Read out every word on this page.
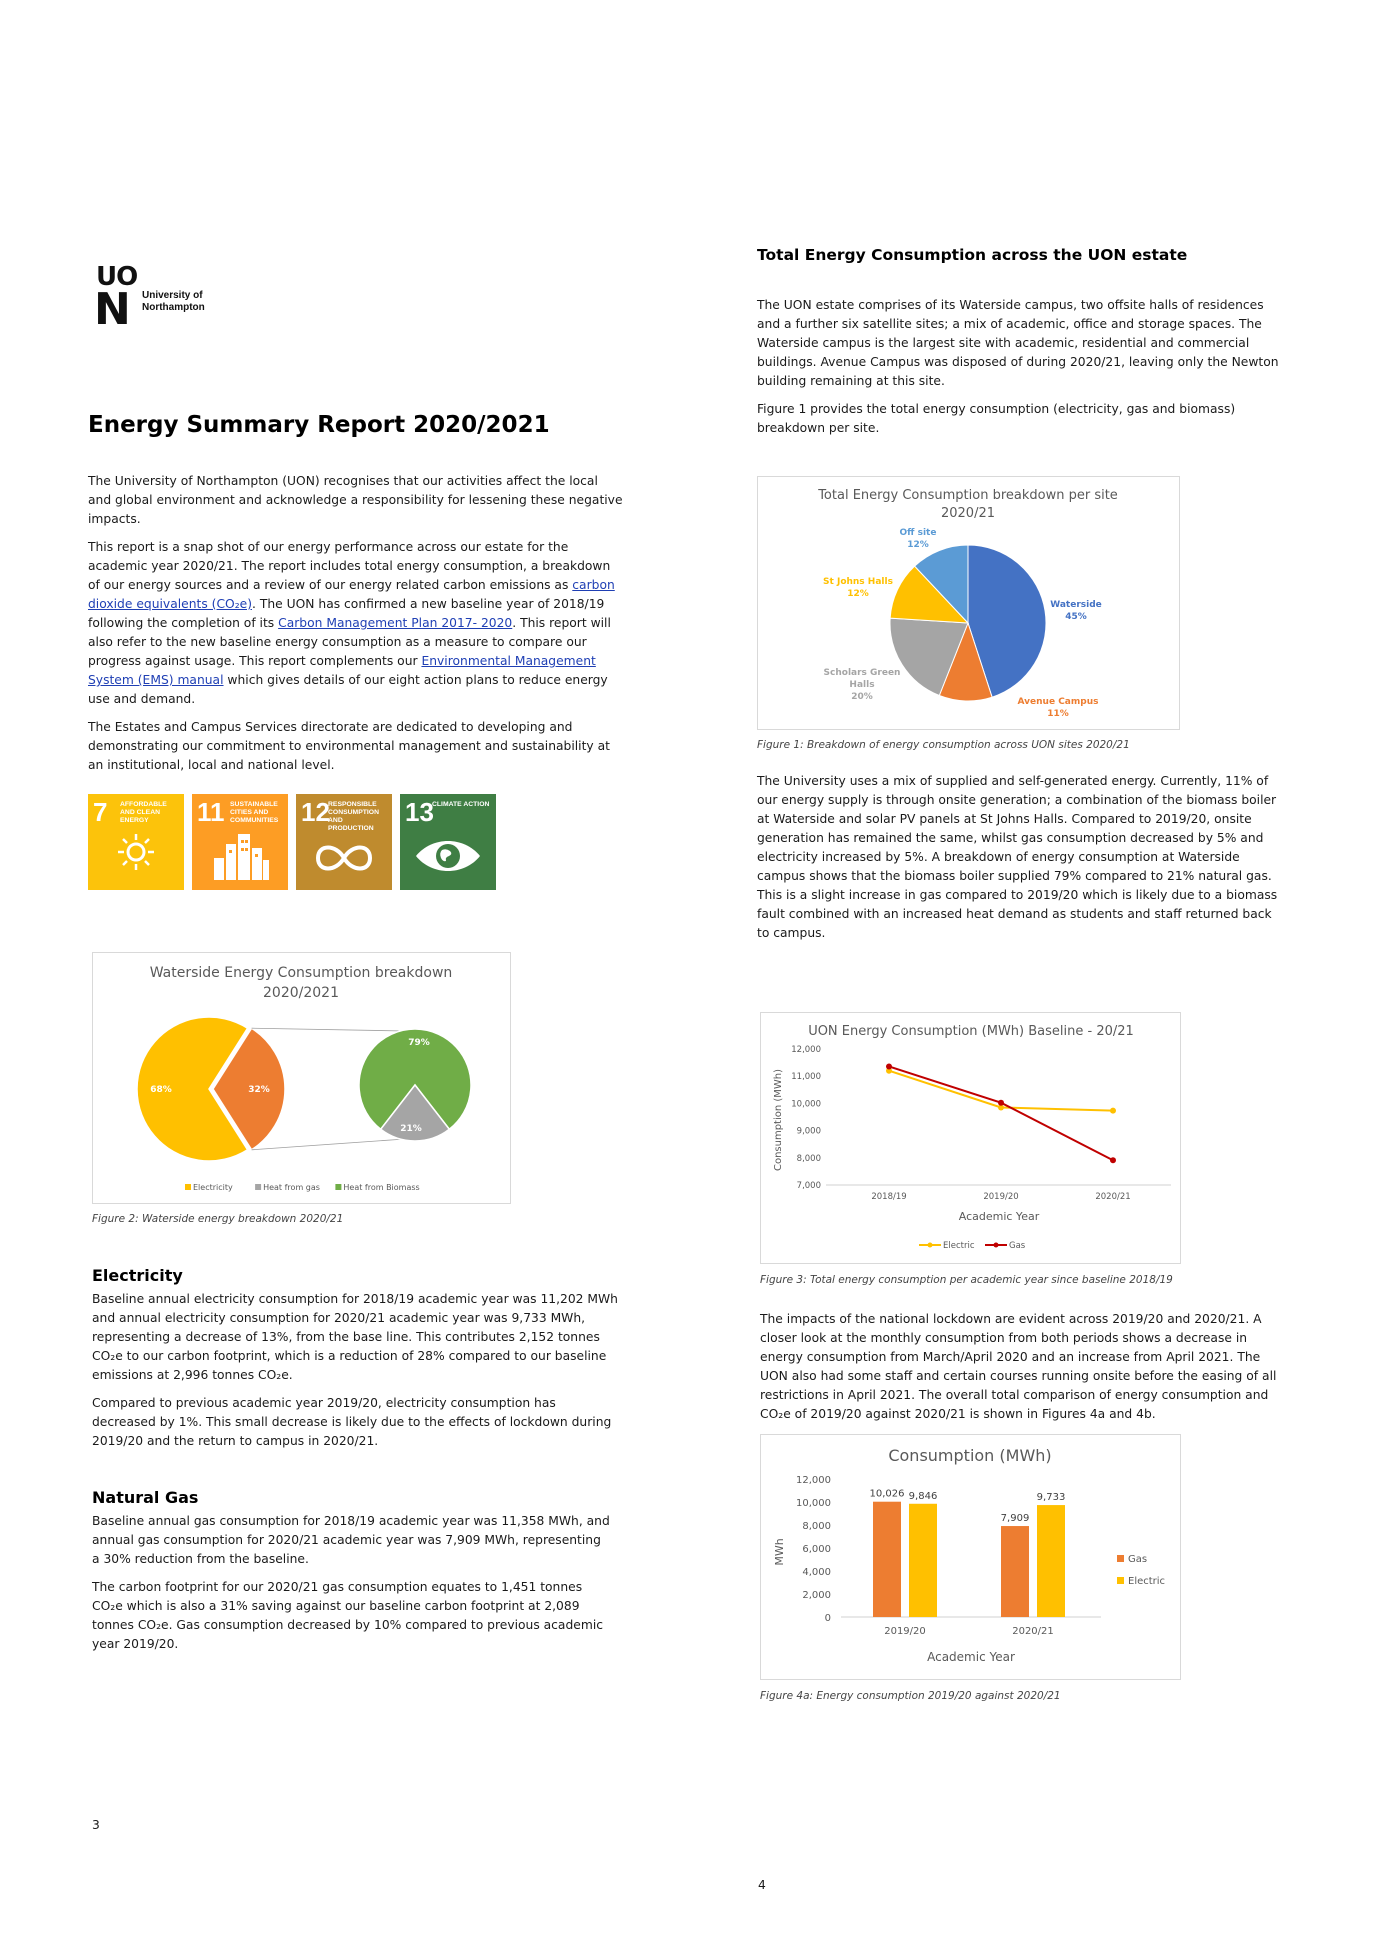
UO
N University of
Northampton
Energy Summary Report 2020/2021

The University of Northampton (UON) recognises that our activities affect the local and global environment and acknowledge a responsibility for lessening these negative impacts.

This report is a snap shot of our energy performance across our estate for the academic year 2020/21. The report includes total energy consumption, a breakdown of our energy sources and a review of our energy related carbon emissions as carbon dioxide equivalents (CO₂e). The UON has confirmed a new baseline year of 2018/19 following the completion of its Carbon Management Plan 2017- 2020. This report will also refer to the new baseline energy consumption as a measure to compare our progress against usage. This report complements our Environmental Management System (EMS) manual which gives details of our eight action plans to reduce energy use and demand.

The Estates and Campus Services directorate are dedicated to developing and demonstrating our commitment to environmental management and sustainability at an institutional, local and national level.

7 AFFORDABLE AND CLEAN ENERGY	11 SUSTAINABLE CITIES AND COMMUNITIES 12
RESPONSIBLE CONSUMPTION AND PRODUCTION
13
CLIMATE ACTION
Waterside Energy Consumption breakdown
2020/2021
68%	32%
79%
21%
Electricity	Heat from gas	Heat from Biomass
Figure 2: Waterside energy breakdown 2020/21
Electricity

Baseline annual electricity consumption for 2018/19 academic year was 11,202 MWh and annual electricity consumption for 2020/21 academic year was 9,733 MWh, representing a decrease of 13%, from the base line. This contributes 2,152 tonnes CO₂e to our carbon footprint, which is a reduction of 28% compared to our baseline emissions at 2,996 tonnes CO₂e.

Compared to previous academic year 2019/20, electricity consumption has decreased by 1%. This small decrease is likely due to the effects of lockdown during 2019/20 and the return to campus in 2020/21.

Natural Gas

Baseline annual gas consumption for 2018/19 academic year was 11,358 MWh, and annual gas consumption for 2020/21 academic year was 7,909 MWh, representing a 30% reduction from the baseline.

The carbon footprint for our 2020/21 gas consumption equates to 1,451 tonnes CO₂e which is also a 31% saving against our baseline carbon footprint at 2,089 tonnes CO₂e. Gas consumption decreased by 10% compared to previous academic year 2019/20.

3
Total Energy Consumption across the UON estate

The UON estate comprises of its Waterside campus, two offsite halls of residences and a further six satellite sites; a mix of academic, office and storage spaces. The Waterside campus is the largest site with academic, residential and commercial buildings. Avenue Campus was disposed of during 2020/21, leaving only the Newton building remaining at this site.

Figure 1 provides the total energy consumption (electricity, gas and biomass) breakdown per site.

Total Energy Consumption breakdown per site
2020/21
Waterside
45%
Avenue Campus
11%
Scholars Green
Halls
20%
St Johns Halls
12%
Off site
12%
Figure 1: Breakdown of energy consumption across UON sites 2020/21
The University uses a mix of supplied and self-generated energy. Currently, 11% of our energy supply is through onsite generation; a combination of the biomass boiler at Waterside and solar PV panels at St Johns Halls. Compared to 2019/20, onsite generation has remained the same, whilst gas consumption decreased by 5% and electricity increased by 5%. A breakdown of energy consumption at Waterside campus shows that the biomass boiler supplied 79% compared to 21% natural gas. This is a slight increase in gas compared to 2019/20 which is likely due to a biomass fault combined with an increased heat demand as students and staff returned back to campus.
UON Energy Consumption (MWh) Baseline - 20/21
12,000
11,000
10,000
9,000
8,000
7,000
2018/19	2019/20	2020/21
Consumption (MWh)
Academic Year
Electric	Gas
Figure 3: Total energy consumption per academic year since baseline 2018/19
The impacts of the national lockdown are evident across 2019/20 and 2020/21. A closer look at the monthly consumption from both periods shows a decrease in energy consumption from March/April 2020 and an increase from April 2021. The UON also had some staff and certain courses running onsite before the easing of all restrictions in April 2021. The overall total comparison of energy consumption and CO₂e of 2019/20 against 2020/21 is shown in Figures 4a and 4b.
Consumption (MWh)
12,000
10,000
8,000
6,000
4,000
2,000
0
2019/20	2020/21
10,026 9,846
7,909
9,733
MWh
Academic Year
Gas
Electric
Figure 4a: Energy consumption 2019/20 against 2020/21
4
